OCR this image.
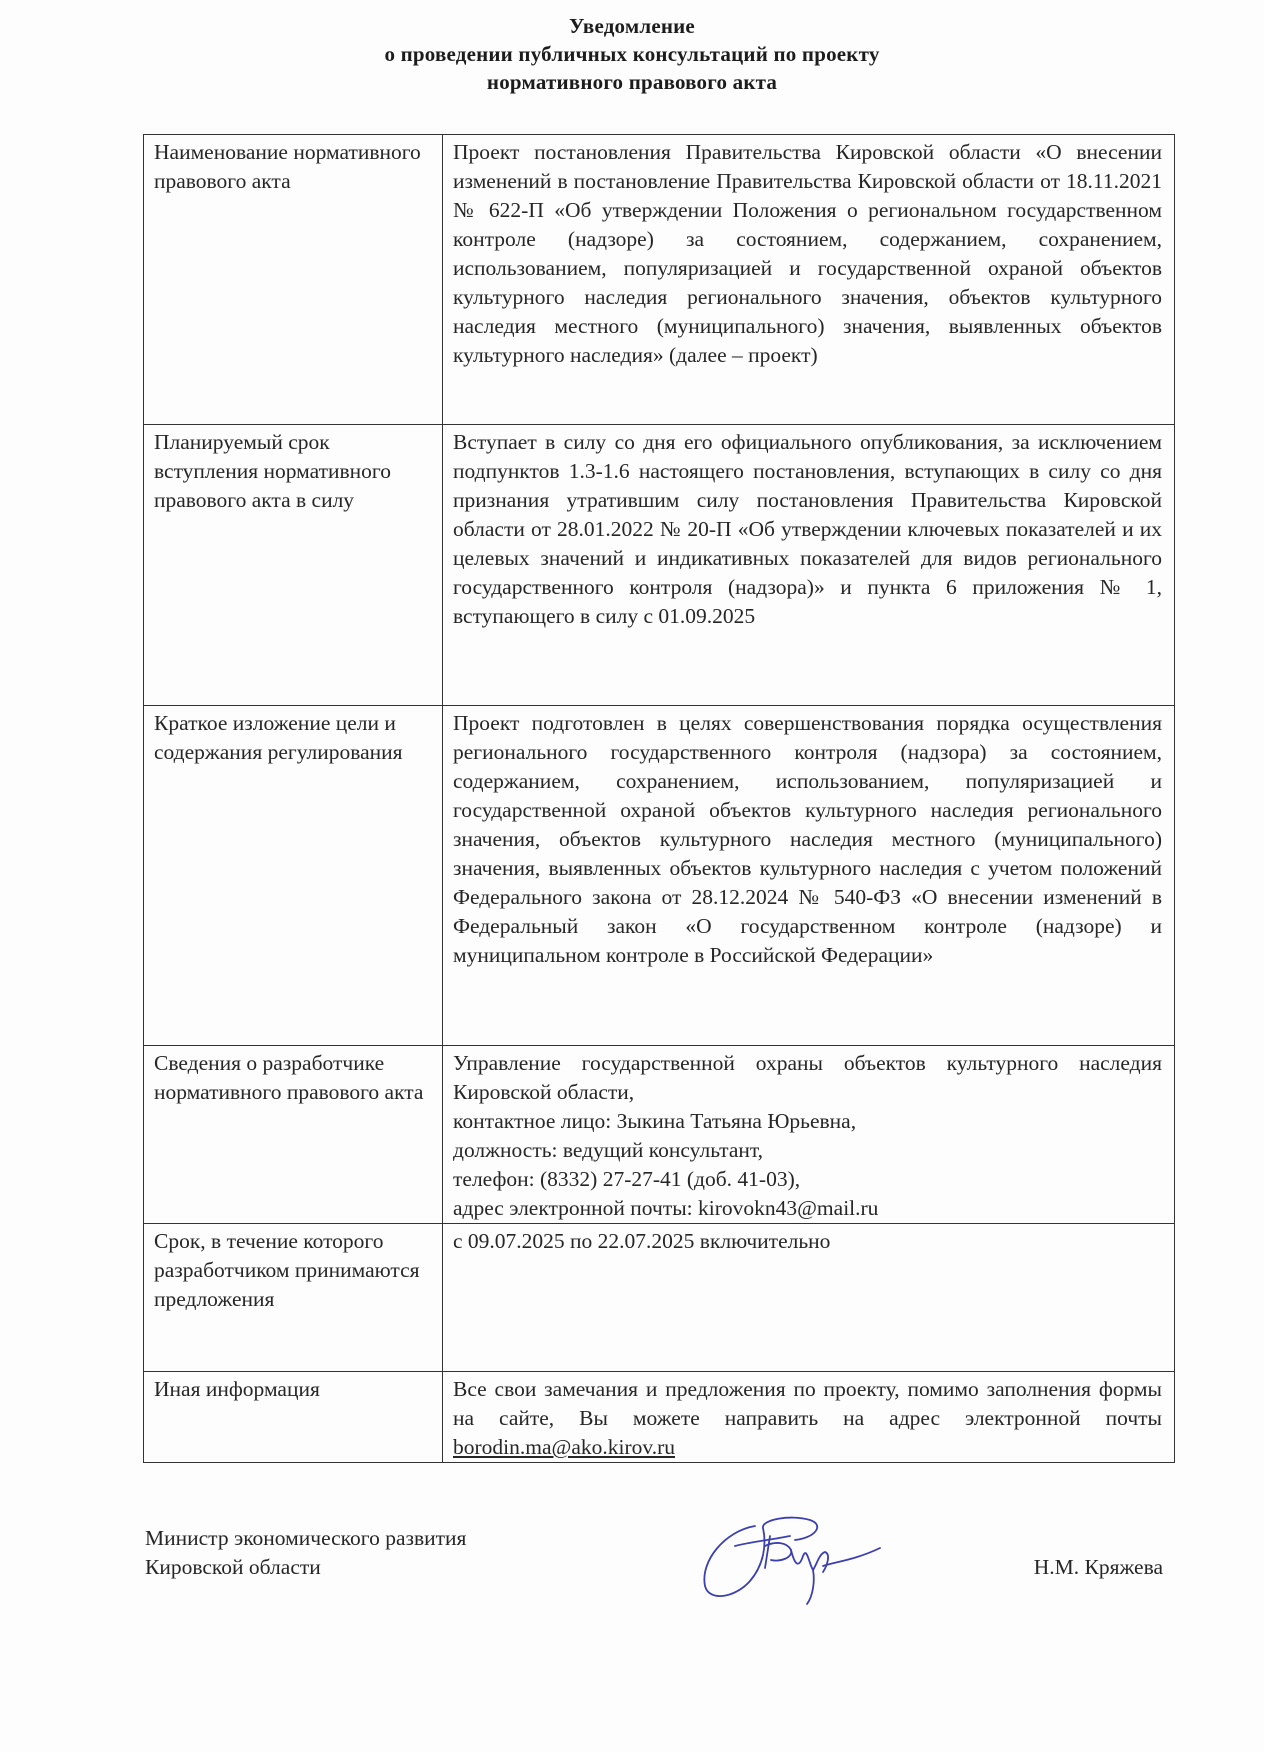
Уведомление
о проведении публичных консультаций по проекту
нормативного правового акта
Наименование нормативного правового акта	Проект постановления Правительства Кировской области «О внесении изменений в постановление Правительства Кировской области от 18.11.2021 № 622-П «Об утверждении Положения о региональном государственном контроле (надзоре) за состоянием, содержанием, сохранением, использованием, популяризацией и государственной охраной объектов культурного наследия регионального значения, объектов культурного наследия местного (муниципального) значения, выявленных объектов культурного наследия» (далее – проект)
Планируемый срок вступления нормативного правового акта в силу	Вступает в силу со дня его официального опубликования, за исключением подпунктов 1.3-1.6 настоящего постановления, вступающих в силу со дня признания утратившим силу постановления Правительства Кировской области от 28.01.2022 № 20-П «Об утверждении ключевых показателей и их целевых значений и индикативных показателей для видов регионального государственного контроля (надзора)» и пункта 6 приложения № 1, вступающего в силу с 01.09.2025
Краткое изложение цели и содержания регулирования	Проект подготовлен в целях совершенствования порядка осуществления регионального государственного контроля (надзора) за состоянием, содержанием, сохранением, использованием, популяризацией и государственной охраной объектов культурного наследия регионального значения, объектов культурного наследия местного (муниципального) значения, выявленных объектов культурного наследия с учетом положений Федерального закона от 28.12.2024 № 540-ФЗ «О внесении изменений в Федеральный закон «О государственном контроле (надзоре) и муниципальном контроле в Российской Федерации»
Сведения о разработчике нормативного правового акта	Управление государственной охраны объектов культурного наследия Кировской области,
контактное лицо: Зыкина Татьяна Юрьевна,
должность: ведущий консультант,
телефон: (8332) 27-27-41 (доб. 41-03),
адрес электронной почты: kirovokn43@mail.ru

Срок, в течение которого разработчиком принимаются предложения	с 09.07.2025 по 22.07.2025 включительно
Иная информация	Все свои замечания и предложения по проекту, помимо заполнения формы на сайте, Вы можете направить на адрес электронной почты borodin.ma@ako.kirov.ru
Министр экономического развития
Кировской области	Н.М. Кряжева
